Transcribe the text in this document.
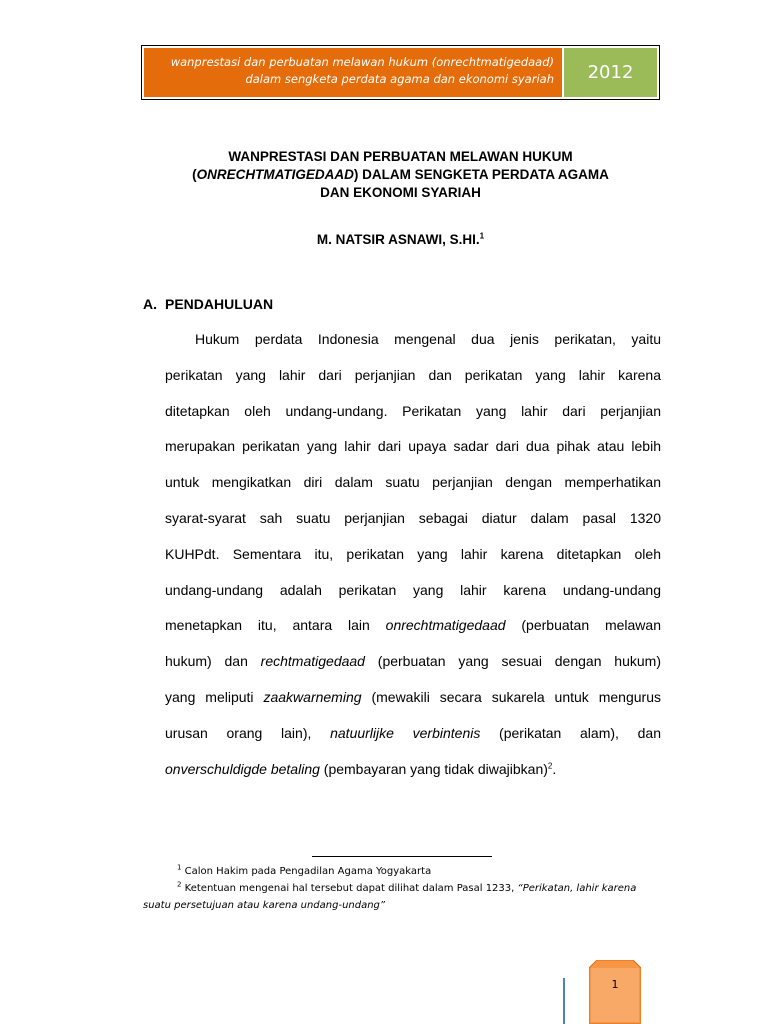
wanprestasi dan perbuatan melawan hukum (onrechtmatigedaad)
dalam sengketa perdata agama dan ekonomi syariah	2012
WANPRESTASI DAN PERBUATAN MELAWAN HUKUM
(ONRECHTMATIGEDAAD) DALAM SENGKETA PERDATA AGAMA
DAN EKONOMI SYARIAH
M. NATSIR ASNAWI, S.HI.$^1$
A. PENDAHULUAN
Hukum perdata Indonesia mengenal dua jenis perikatan, yaitu
perikatan yang lahir dari perjanjian dan perikatan yang lahir karena
ditetapkan oleh undang-undang. Perikatan yang lahir dari perjanjian
merupakan perikatan yang lahir dari upaya sadar dari dua pihak atau lebih
untuk mengikatkan diri dalam suatu perjanjian dengan memperhatikan
syarat-syarat sah suatu perjanjian sebagai diatur dalam pasal 1320
KUHPdt. Sementara itu, perikatan yang lahir karena ditetapkan oleh
undang-undang adalah perikatan yang lahir karena undang-undang
menetapkan itu, antara lain onrechtmatigedaad (perbuatan melawan
hukum) dan rechtmatigedaad (perbuatan yang sesuai dengan hukum)
yang meliputi zaakwarneming (mewakili secara sukarela untuk mengurus
urusan orang lain), natuurlijke verbintenis (perikatan alam), dan
onverschuldigde betaling (pembayaran yang tidak diwajibkan)$^2$.
$^1$ Calon Hakim pada Pengadilan Agama Yogyakarta
$^2$ Ketentuan mengenai hal tersebut dapat dilihat dalam Pasal 1233, “Perikatan, lahir karena suatu persetujuan atau karena undang-undang”
1
